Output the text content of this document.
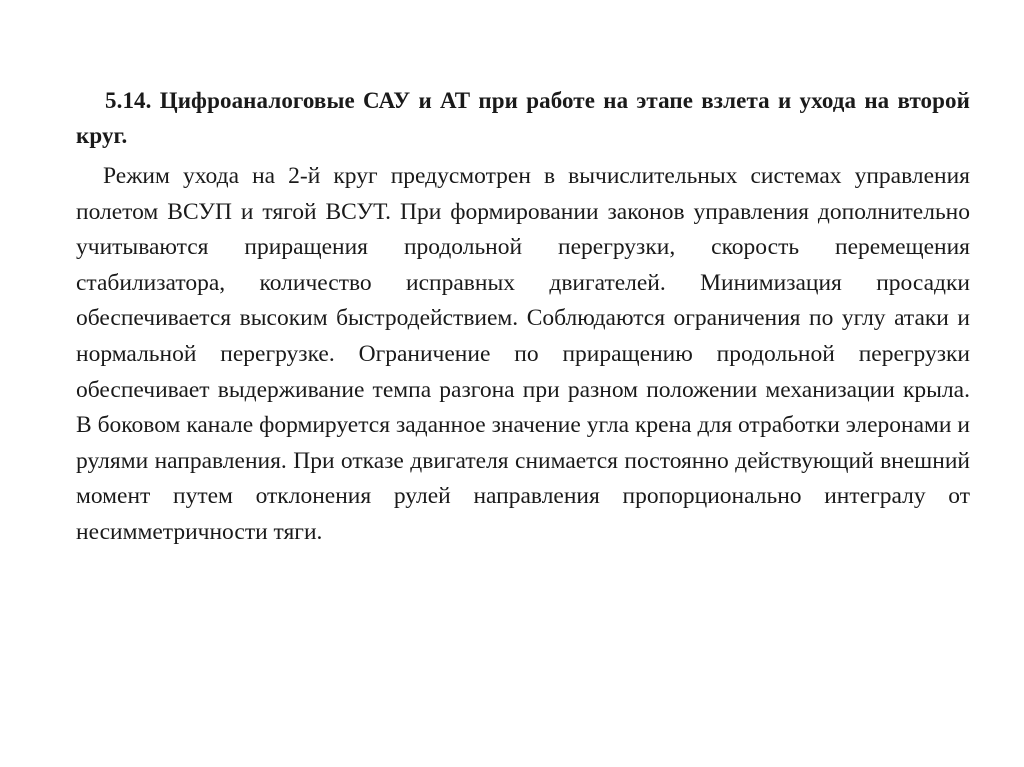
5.14. Цифроаналоговые САУ и АТ при работе на этапе взлета и ухода на второй круг.

Режим ухода на 2-й круг предусмотрен в вычислительных системах управления полетом ВСУП и тягой ВСУТ. При формировании законов управления дополнительно учитываются приращения продольной перегрузки, скорость перемещения стабилизатора, количество исправных двигателей. Минимизация просадки обеспечивается высоким быстродействием. Соблюдаются ограничения по углу атаки и нормальной перегрузке. Ограничение по приращению продольной перегрузки обеспечивает выдерживание темпа разгона при разном положении механизации крыла. В боковом канале формируется заданное значение угла крена для отработки элеронами и рулями направления. При отказе двигателя снимается постоянно действующий внешний момент путем отклонения рулей направления пропорционально интегралу от несимметричности тяги.
